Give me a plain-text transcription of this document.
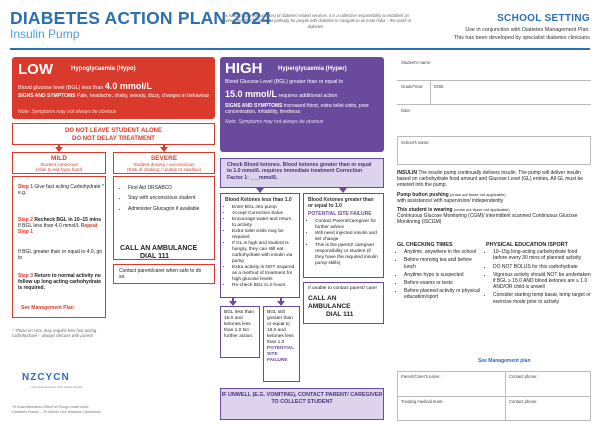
DIABETES ACTION PLAN 2024
Insulin Pump
As kaitiaki (carers/guardians) of diabetes related services, it is a collective responsibility to establish an environment that facilitates a pathway for people with diabetes to navigate to as mate haka – the world of diabetes.
SCHOOL SETTING
Use in conjunction with Diabetes Management Plan.
This has been developed by specialist diabetes clinicians
LOW	Hypoglycaemia (Hypo)
Blood glucose level (BGL) less than 4.0 mmol/L
SIGNS AND SYMPTOMS Pale, headache, shaky, sweaty, dizzy, changes in behaviour
Note: Symptoms may not always be obvious
DO NOT LEAVE STUDENT ALONE
DO NOT DELAY TREATMENT
MILD
Student conscious
(Able to eat hypo food)
SEVERE
Student drowsy / unconscious
(Risk of choking / unable to swallow)
Step 1 Give fast acting Carbohydrate *
e.g.
Step 2 Recheck BGL in 10–15 mins If BGL less than 4.0 mmol/L Repeat Step 1
If BGL greater than or equal to 4.0, go to
Step 3 Return to normal activity no follow up long acting carbohydrate is required.
See Management Plan
• First Aid DRSABCD
• Stay with unconscious student
• Administer Glucagon if available
CALL AN AMBULANCE
DIAL 111
Contact parent/carer when safe to do so.
* Those on HCL may require less fast-acting carbohydrate – always discuss with parent
NZCYCN
New Zealand Child & Youth Clinical Network
Te Kawhakaharea Māori te Rongo-mate huka
Diabetes Rawiri – Te Whatu Ora Waitaha Canterbury
HIGH	Hyperglycaemia (Hyper)
Blood Glucose Level (BGL) greater than or equal to
15.0 mmol/L requires additional action
SIGNS AND SYMPTOMS increased thirst, extra toilet visits, poor concentration, irritability, tiredness
Note: Symptoms may not always be obvious
Check Blood ketones. Blood ketones greater than or equal to 1.0 mmol/L requires immediate treatment Correction Factor 1: ___mmol/L
Blood Ketones less than 1.0
• Enter BGL into pump
• Accept Correction bolus
• Encourage water and return to activity
• Extra toilet visits may be required
• If GL is high and student is hungry, they can still eat carbohydrate with insulin via pump
• Extra activity is NOT required as a method of treatment for high glucose levels
• Re-check BGL in 2 hours
Blood Ketones greater than or equal to 1.0
POTENTIAL SITE FAILURE
• Contact Parent/Caregiver for further advice
• Will need injected insulin and set change
• This is the parent/ caregiver responsibility or student (if they have the required insulin pump skills)
If unable to contact parent/ carer
CALL AN AMBULANCE
DIAL 111
BGL less than 15.0 and ketones less than 1.0 No further action.
BGL still greater than or equal to 15.0 and ketones less than 1.0 POTENTIAL SITE FAILURE
IF UNWELL (E.G. VOMITING), CONTACT PARENT/ CAREGIVER TO COLLECT STUDENT
Student's name:
Grade/Year:	DOB:
Date:
School's name:
INSULIN The insulin pump continually delivers insulin. The pump will deliver insulin based on carbohydrate food amount and Glucose Level (GL) entries. All GL must be entered into the pump.
Pump button pushing (cross out those not applicable)
with assistance/ with supervision/ independently
This student is wearing (cross out those not applicable)
Continuous Glucose Monitoring (CGM)/ intermittent scanned Continuous Glucose Monitoring (ISCGM)
GL CHECKING TIMES
• Anytime, anywhere in the school
• Before morning tea and before lunch
• Anytime hypo is suspected
• Before exams or tests
• Before planned activity or physical education/sport
PHYSICAL EDUCATION /SPORT
• 10–15g long-acting carbohydrate food before every 30 mins of planned activity
• DO NOT BOLUS for this carbohydrate
• Vigorous activity should NOT be undertaken if BGL ≥ 15.0 AND blood ketones are ≥ 1.0 AND/OR child is unwell
• Consider starting temp basal, temp target or exercise mode prior to activity
See Management plan
Parent/Carer's name:	Contact phone:
Treating medical team:	Contact phone:
